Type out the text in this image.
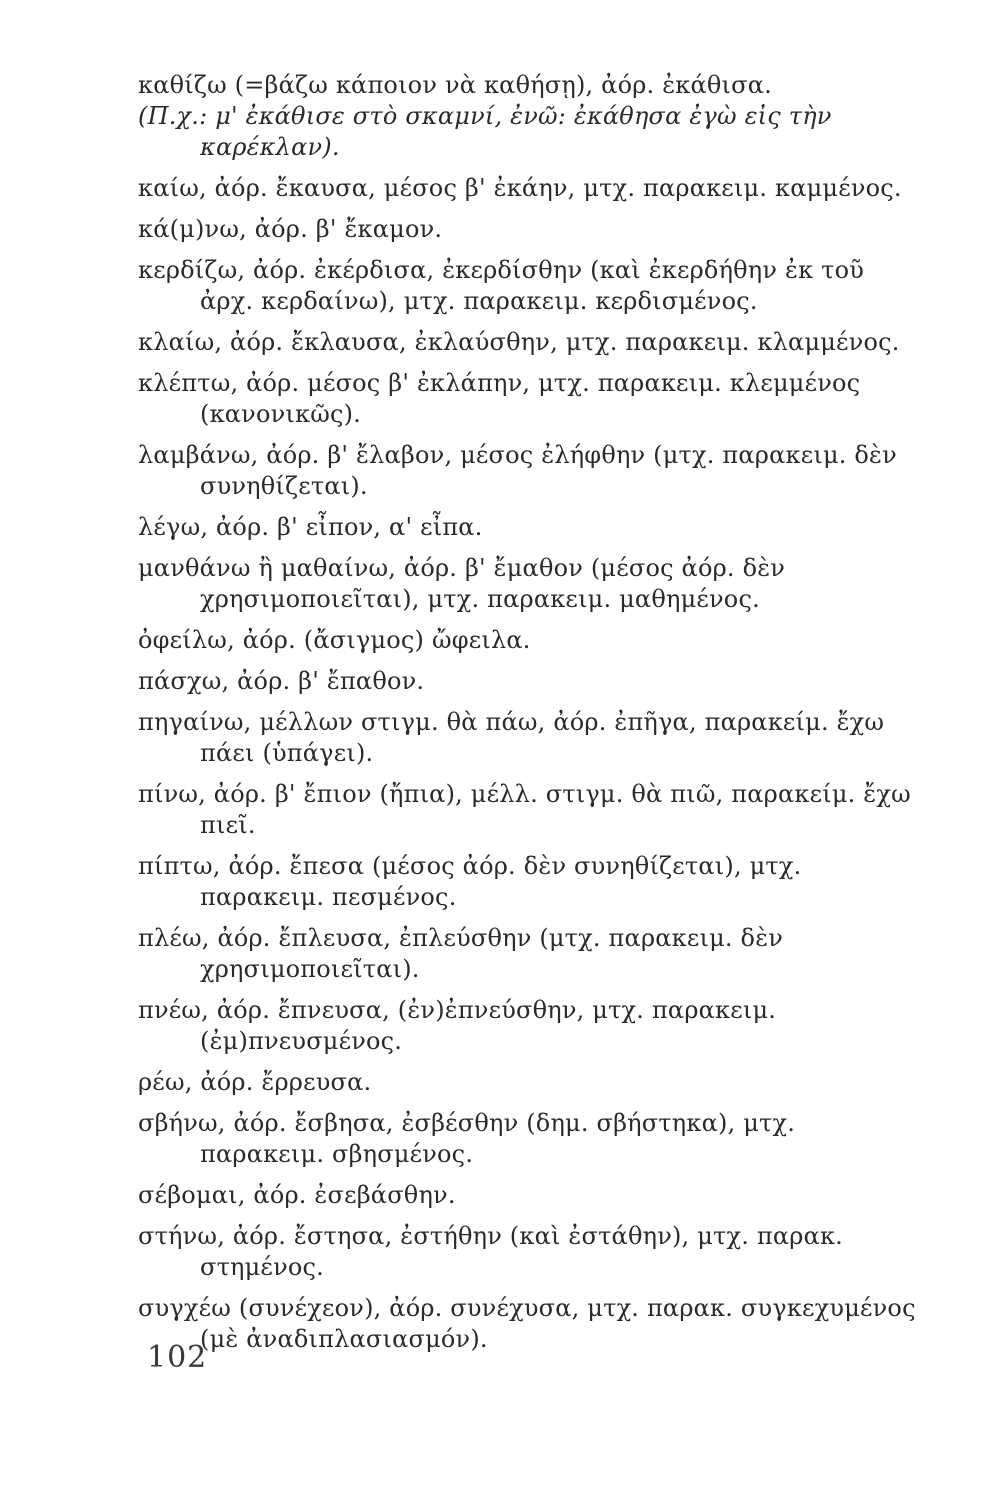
καθίζω (=βάζω κάποιον νὰ καθήσῃ), ἀόρ. ἐκάθισα.
(Π.χ.: μ' ἐκάθισε στὸ σκαμνί, ἐνῶ: ἐκάθησα ἐγὼ εἰς τὴν καρέκλαν).

καίω, ἀόρ. ἔκαυσα, μέσος β' ἐκάην, μτχ. παρακειμ. καμμένος.

κά(μ)νω, ἀόρ. β' ἔκαμον.

κερδίζω, ἀόρ. ἐκέρδισα, ἐκερδίσθην (καὶ ἐκερδήθην ἐκ τοῦ ἀρχ. κερδαίνω), μτχ. παρακειμ. κερδισμένος.

κλαίω, ἀόρ. ἔκλαυσα, ἐκλαύσθην, μτχ. παρακειμ. κλαμμένος.

κλέπτω, ἀόρ. μέσος β' ἐκλάπην, μτχ. παρακειμ. κλεμμένος (κανονικῶς).

λαμβάνω, ἀόρ. β' ἔλαβον, μέσος ἐλήφθην (μτχ. παρακειμ. δὲν συνηθίζεται).

λέγω, ἀόρ. β' εἶπον, α' εἶπα.

μανθάνω ἢ μαθαίνω, ἀόρ. β' ἔμαθον (μέσος ἀόρ. δὲν χρησιμοποιεῖται), μτχ. παρακειμ. μαθημένος.

ὀφείλω, ἀόρ. (ἄσιγμος) ὤφειλα.

πάσχω, ἀόρ. β' ἔπαθον.

πηγαίνω, μέλλων στιγμ. θὰ πάω, ἀόρ. ἐπῆγα, παρακείμ. ἔχω πάει (ὑπάγει).

πίνω, ἀόρ. β' ἔπιον (ἤπια), μέλλ. στιγμ. θὰ πιῶ, παρακείμ. ἔχω πιεῖ.

πίπτω, ἀόρ. ἔπεσα (μέσος ἀόρ. δὲν συνηθίζεται), μτχ. παρακειμ. πεσμένος.

πλέω, ἀόρ. ἔπλευσα, ἐπλεύσθην (μτχ. παρακειμ. δὲν χρησιμοποιεῖται).

πνέω, ἀόρ. ἔπνευσα, (ἐν)ἐπνεύσθην, μτχ. παρακειμ. (ἐμ)πνευσμένος.

ρέω, ἀόρ. ἔρρευσα.

σβήνω, ἀόρ. ἔσβησα, ἐσβέσθην (δημ. σβήστηκα), μτχ. παρακειμ. σβησμένος.

σέβομαι, ἀόρ. ἐσεβάσθην.

στήνω, ἀόρ. ἔστησα, ἐστήθην (καὶ ἐστάθην), μτχ. παρακ. στημένος.

συγχέω (συνέχεον), ἀόρ. συνέχυσα, μτχ. παρακ. συγκεχυμένος (μὲ ἀναδιπλασιασμόν).

102
